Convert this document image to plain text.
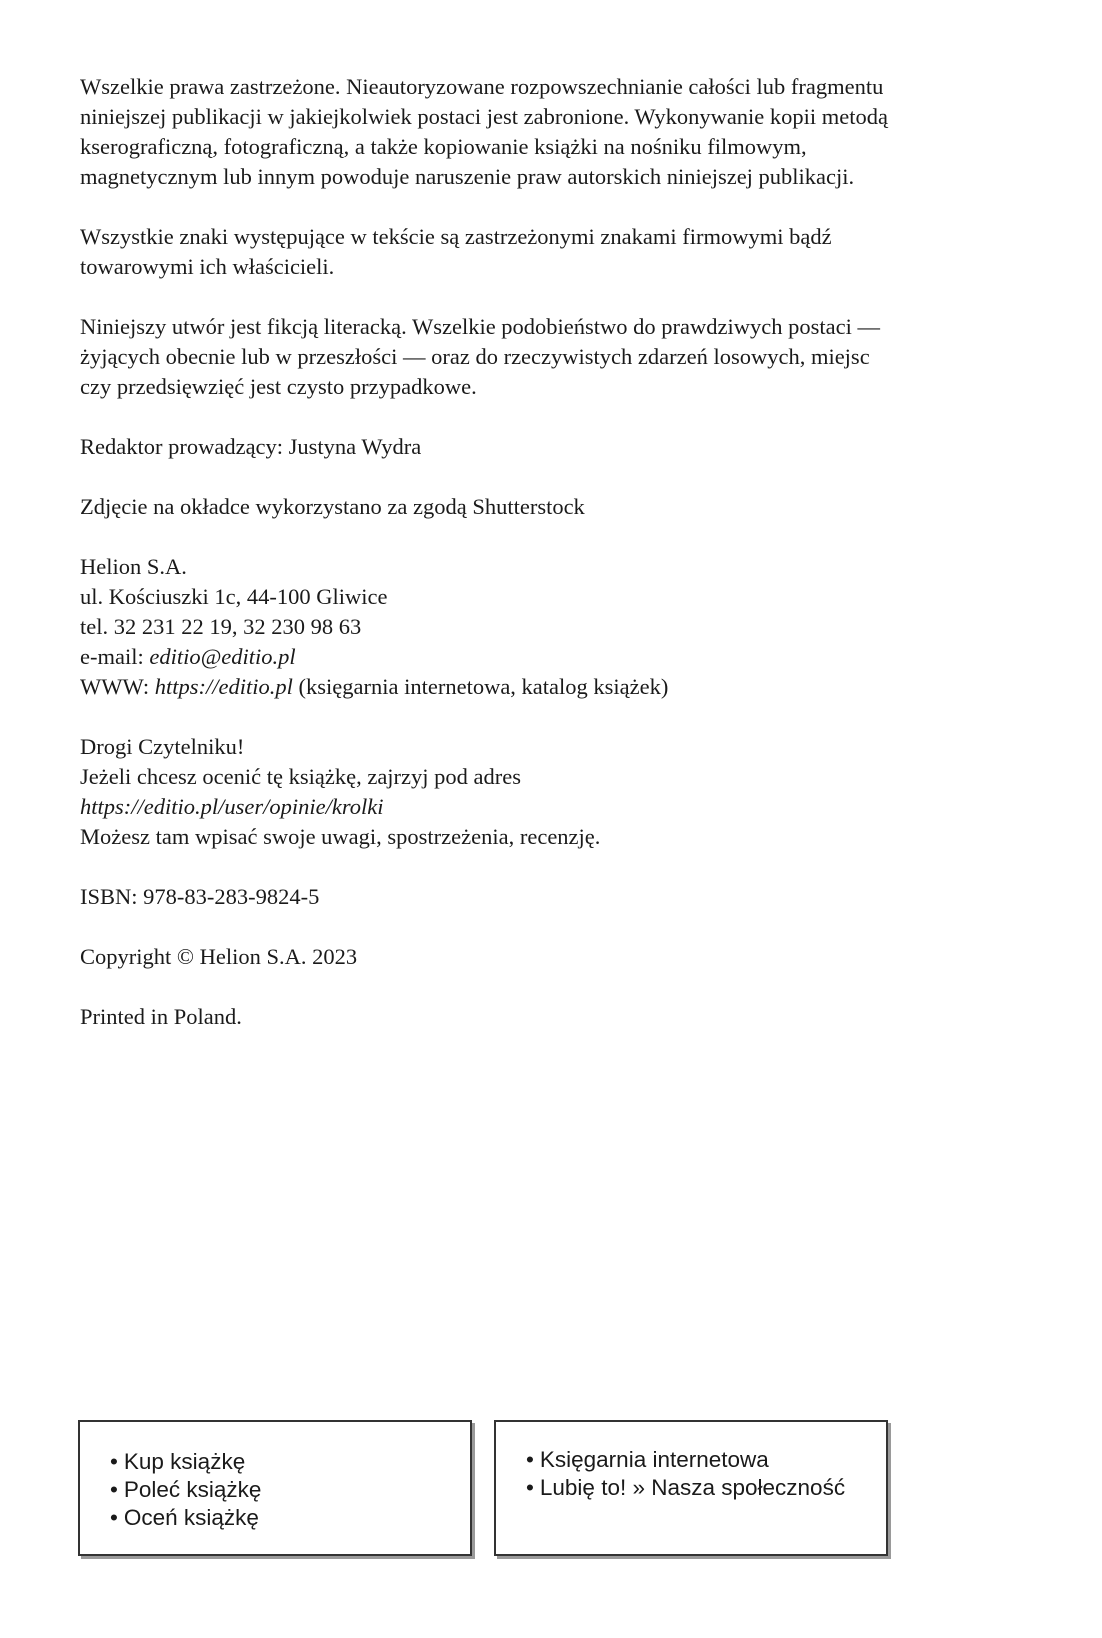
Wszelkie prawa zastrzeżone. Nieautoryzowane rozpowszechnianie całości lub fragmentu
niniejszej publikacji w jakiejkolwiek postaci jest zabronione. Wykonywanie kopii metodą
kserograficzną, fotograficzną, a także kopiowanie książki na nośniku filmowym,
magnetycznym lub innym powoduje naruszenie praw autorskich niniejszej publikacji.

Wszystkie znaki występujące w tekście są zastrzeżonymi znakami firmowymi bądź
towarowymi ich właścicieli.

Niniejszy utwór jest fikcją literacką. Wszelkie podobieństwo do prawdziwych postaci —
żyjących obecnie lub w przeszłości — oraz do rzeczywistych zdarzeń losowych, miejsc
czy przedsięwzięć jest czysto przypadkowe.

Redaktor prowadzący: Justyna Wydra

Zdjęcie na okładce wykorzystano za zgodą Shutterstock

Helion S.A.
ul. Kościuszki 1c, 44-100 Gliwice
tel. 32 231 22 19, 32 230 98 63
e-mail: editio@editio.pl
WWW: https://editio.pl (księgarnia internetowa, katalog książek)

Drogi Czytelniku!
Jeżeli chcesz ocenić tę książkę, zajrzyj pod adres
https://editio.pl/user/opinie/krolki
Możesz tam wpisać swoje uwagi, spostrzeżenia, recenzję.

ISBN: 978-83-283-9824-5

Copyright © Helion S.A. 2023

Printed in Poland.

• Kup książkę
• Poleć książkę
• Oceń książkę
• Księgarnia internetowa
• Lubię to! » Nasza społeczność
